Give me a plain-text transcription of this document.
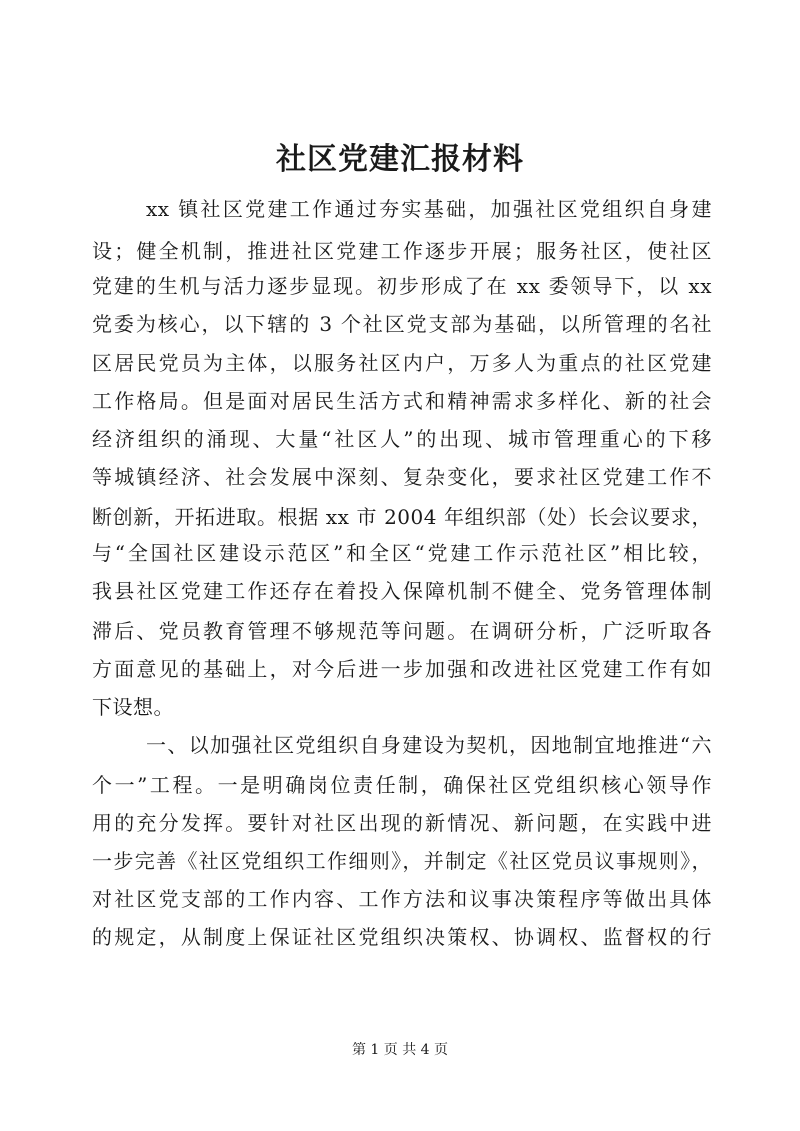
社区党建汇报材料

xx 镇社区党建工作通过夯实基础，加强社区党组织自身建

设；健全机制，推进社区党建工作逐步开展；服务社区，使社区

党建的生机与活力逐步显现。初步形成了在 xx 委领导下，以 xx

党委为核心，以下辖的 3 个社区党支部为基础，以所管理的名社

区居民党员为主体，以服务社区内户，万多人为重点的社区党建

工作格局。但是面对居民生活方式和精神需求多样化、新的社会

经济组织的涌现、大量“社区人”的出现、城市管理重心的下移

等城镇经济、社会发展中深刻、复杂变化，要求社区党建工作不

断创新，开拓进取。根据 xx 市 2004 年组织部（处）长会议要求，

与“全国社区建设示范区”和全区“党建工作示范社区”相比较，

我县社区党建工作还存在着投入保障机制不健全、党务管理体制

滞后、党员教育管理不够规范等问题。在调研分析，广泛听取各

方面意见的基础上，对今后进一步加强和改进社区党建工作有如

下设想。

一、以加强社区党组织自身建设为契机，因地制宜地推进“六

个一”工程。一是明确岗位责任制，确保社区党组织核心领导作

用的充分发挥。要针对社区出现的新情况、新问题，在实践中进

一步完善《社区党组织工作细则》，并制定《社区党员议事规则》，

对社区党支部的工作内容、工作方法和议事决策程序等做出具体

的规定，从制度上保证社区党组织决策权、协调权、监督权的行

第 1 页 共 4 页
